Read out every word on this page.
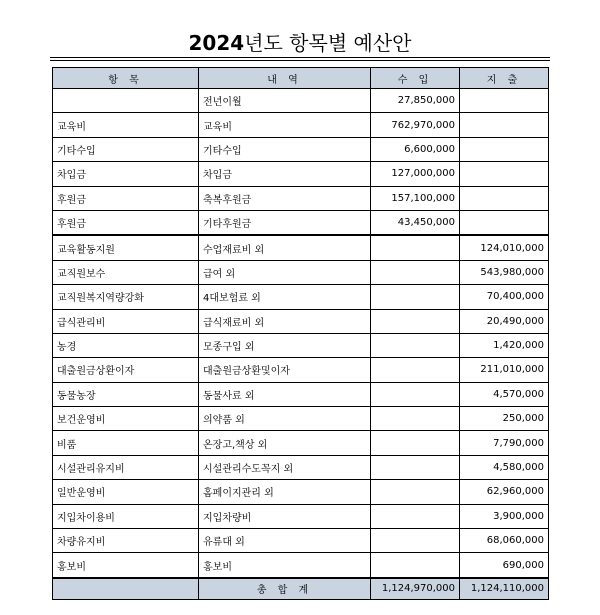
2024년도 항목별 예산안
항 목	내 역	수 입	지 출
	전년이월	27,850,000	
교육비	교육비	762,970,000	
기타수입	기타수입	6,600,000	
차입금	차입금	127,000,000	
후원금	축복후원금	157,100,000	
후원금	기타후원금	43,450,000	
교육활동지원	수업재료비 외		124,010,000
교직원보수	급여 외		543,980,000
교직원복지역량강화	4대보험료 외		70,400,000
급식관리비	급식재료비 외		20,490,000
농경	모종구입 외		1,420,000
대출원금상환이자	대출원금상환및이자		211,010,000
동물농장	동물사료 외		4,570,000
보건운영비	의약품 외		250,000
비품	온장고,책상 외		7,790,000
시설관리유지비	시설관리수도꼭지 외		4,580,000
일반운영비	홈페이지관리 외		62,960,000
지입차이용비	지입차량비		3,900,000
차량유지비	유류대 외		68,060,000
홍보비	홍보비		690,000
	총 합 계	1,124,970,000	1,124,110,000
